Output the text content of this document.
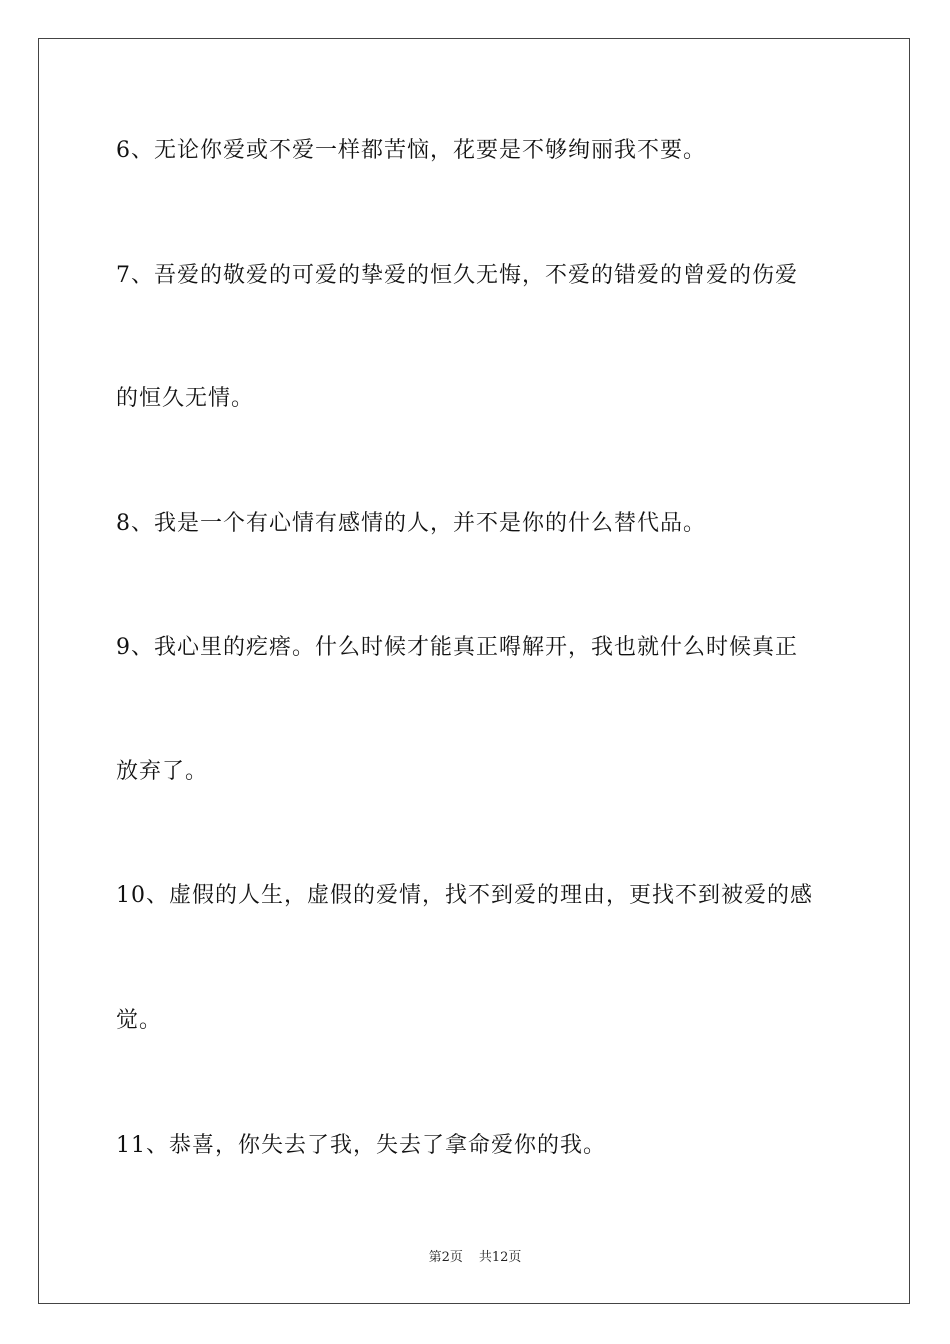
6、无论你爱或不爱一样都苦恼，花要是不够绚丽我不要。
7、吾爱的敬爱的可爱的挚爱的恒久无悔，不爱的错爱的曾爱的伤爱
的恒久无情。
8、我是一个有心情有感情的人，并不是你的什么替代品。
9、我心里的疙瘩。什么时候才能真正嘚解开，我也就什么时候真正
放弃了。
10、虚假的人生，虚假的爱情，找不到爱的理由，更找不到被爱的感
觉。
11、恭喜，你失去了我，失去了拿命爱你的我。
第2页 共12页
